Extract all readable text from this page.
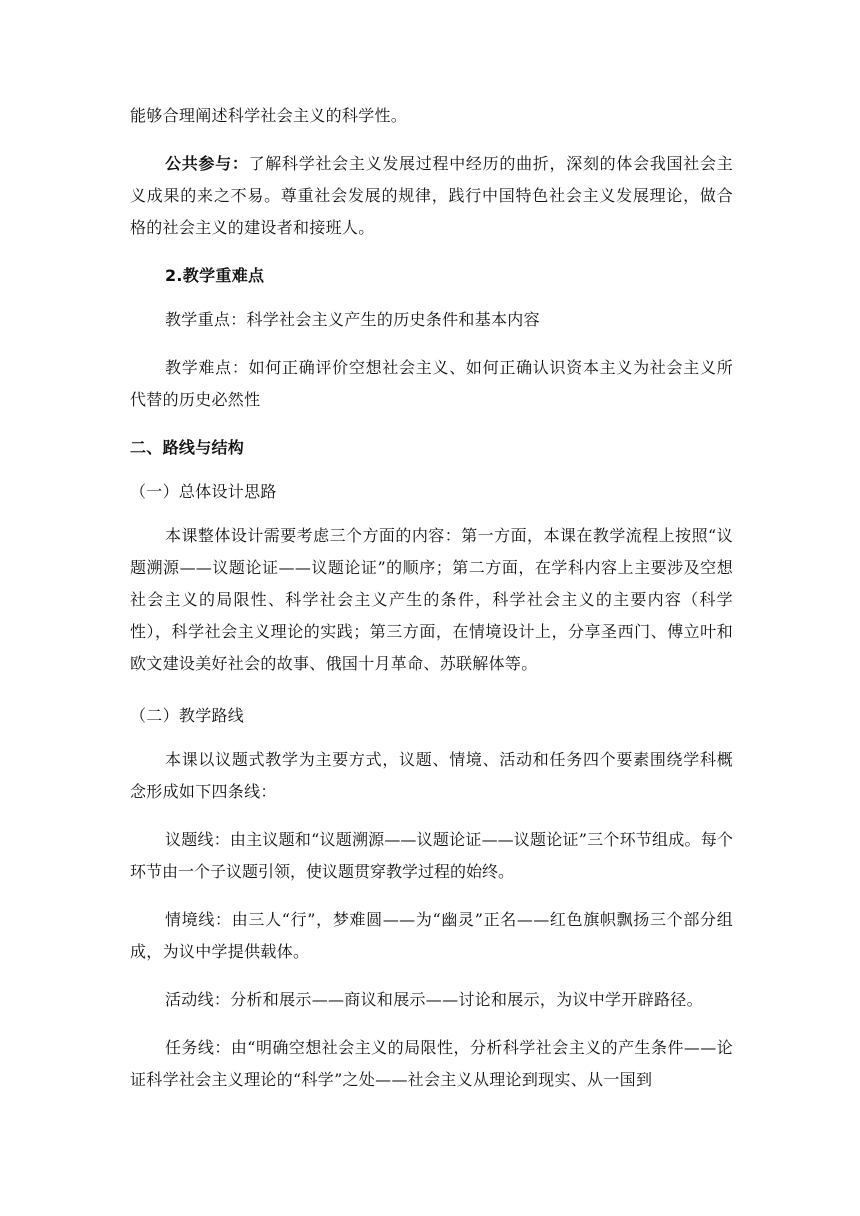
能够合理阐述科学社会主义的科学性。

公共参与：了解科学社会主义发展过程中经历的曲折，深刻的体会我国社会主义成果的来之不易。尊重社会发展的规律，践行中国特色社会主义发展理论，做合格的社会主义的建设者和接班人。

2.教学重难点

教学重点：科学社会主义产生的历史条件和基本内容

教学难点：如何正确评价空想社会主义、如何正确认识资本主义为社会主义所代替的历史必然性

二、路线与结构

（一）总体设计思路

本课整体设计需要考虑三个方面的内容：第一方面，本课在教学流程上按照“议题溯源——议题论证——议题论证”的顺序；第二方面，在学科内容上主要涉及空想社会主义的局限性、科学社会主义产生的条件，科学社会主义的主要内容（科学性），科学社会主义理论的实践；第三方面，在情境设计上，分享圣西门、傅立叶和欧文建设美好社会的故事、俄国十月革命、苏联解体等。

（二）教学路线

本课以议题式教学为主要方式，议题、情境、活动和任务四个要素围绕学科概念形成如下四条线：

议题线：由主议题和“议题溯源——议题论证——议题论证”三个环节组成。每个环节由一个子议题引领，使议题贯穿教学过程的始终。

情境线：由三人“行”，梦难圆——为“幽灵”正名——红色旗帜飘扬三个部分组成，为议中学提供载体。

活动线：分析和展示——商议和展示——讨论和展示，为议中学开辟路径。

任务线：由“明确空想社会主义的局限性，分析科学社会主义的产生条件——论证科学社会主义理论的“科学”之处——社会主义从理论到现实、从一国到
